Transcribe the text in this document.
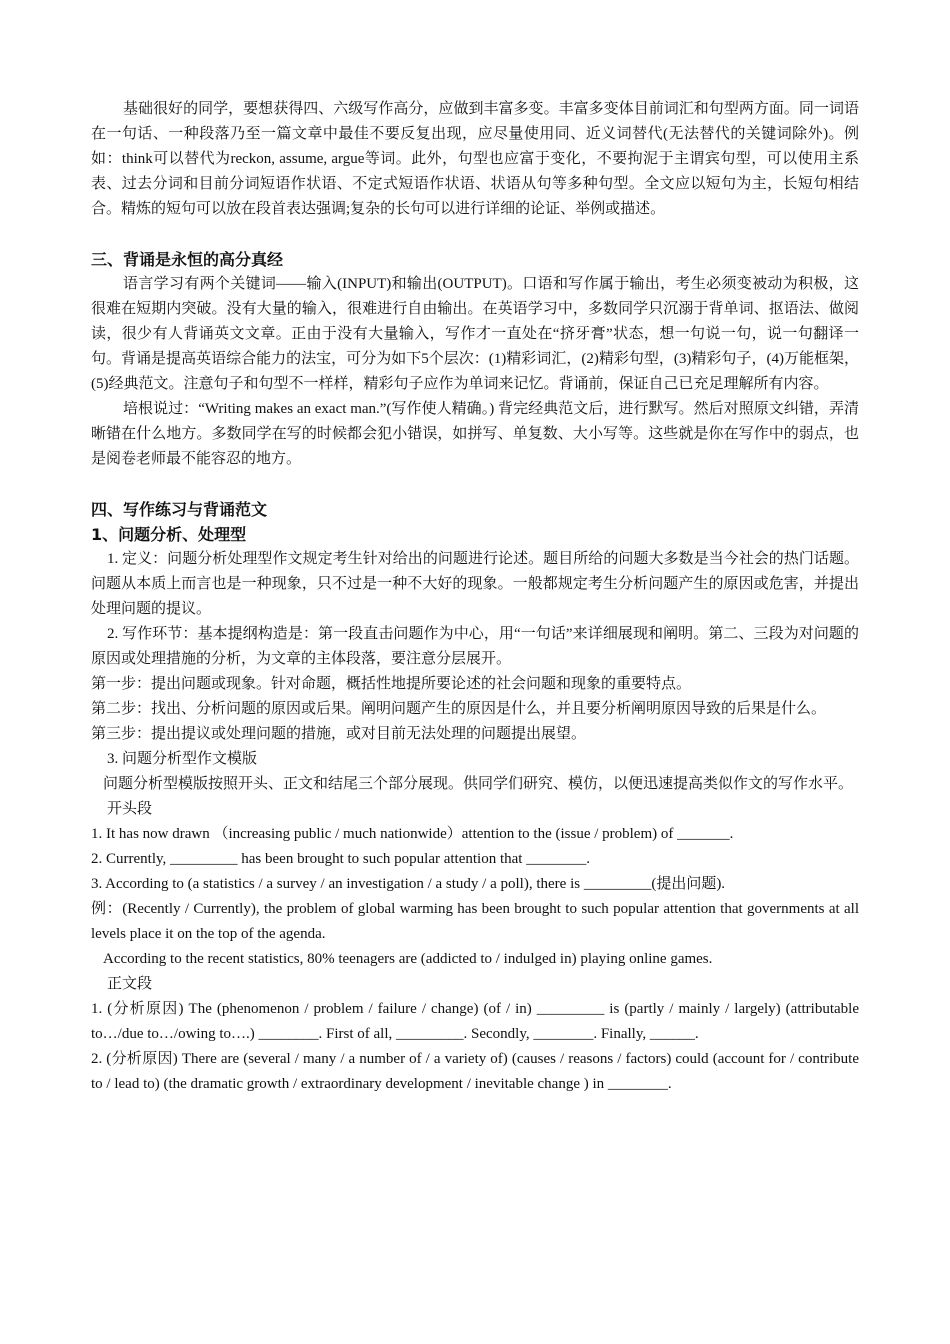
基础很好的同学，要想获得四、六级写作高分，应做到丰富多变。丰富多变体目前词汇和句型两方面。同一词语在一句话、一种段落乃至一篇文章中最佳不要反复出现，应尽量使用同、近义词替代(无法替代的关键词除外)。例如：think可以替代为reckon, assume, argue等词。此外，句型也应富于变化，不要拘泥于主谓宾句型，可以使用主系表、过去分词和目前分词短语作状语、不定式短语作状语、状语从句等多种句型。全文应以短句为主，长短句相结合。精炼的短句可以放在段首表达强调;复杂的长句可以进行详细的论证、举例或描述。

三、背诵是永恒的高分真经

语言学习有两个关键词——输入(INPUT)和输出(OUTPUT)。口语和写作属于输出，考生必须变被动为积极，这很难在短期内突破。没有大量的输入，很难进行自由输出。在英语学习中，多数同学只沉溺于背单词、抠语法、做阅读，很少有人背诵英文文章。正由于没有大量输入，写作才一直处在“挤牙膏”状态，想一句说一句，说一句翻译一句。背诵是提高英语综合能力的法宝，可分为如下5个层次：(1)精彩词汇，(2)精彩句型，(3)精彩句子，(4)万能框架，(5)经典范文。注意句子和句型不一样样，精彩句子应作为单词来记忆。背诵前，保证自己已充足理解所有内容。

培根说过：“Writing makes an exact man.”(写作使人精确。) 背完经典范文后，进行默写。然后对照原文纠错，弄清晰错在什么地方。多数同学在写的时候都会犯小错误，如拼写、单复数、大小写等。这些就是你在写作中的弱点，也是阅卷老师最不能容忍的地方。

四、写作练习与背诵范文
1、问题分析、处理型

1. 定义：问题分析处理型作文规定考生针对给出的问题进行论述。题目所给的问题大多数是当今社会的热门话题。问题从本质上而言也是一种现象，只不过是一种不大好的现象。一般都规定考生分析问题产生的原因或危害，并提出处理问题的提议。

2. 写作环节：基本提纲构造是：第一段直击问题作为中心，用“一句话”来详细展现和阐明。第二、三段为对问题的原因或处理措施的分析，为文章的主体段落，要注意分层展开。

第一步：提出问题或现象。针对命题，概括性地提所要论述的社会问题和现象的重要特点。

第二步：找出、分析问题的原因或后果。阐明问题产生的原因是什么，并且要分析阐明原因导致的后果是什么。

第三步：提出提议或处理问题的措施，或对目前无法处理的问题提出展望。

3. 问题分析型作文模版

问题分析型模版按照开头、正文和结尾三个部分展现。供同学们研究、模仿，以便迅速提高类似作文的写作水平。

开头段

1. It has now drawn （increasing public / much nationwide）attention to the (issue / problem) of _______.

2. Currently, _________ has been brought to such popular attention that ________.

3. According to (a statistics / a survey / an investigation / a study / a poll), there is _________(提出问题).

例：(Recently / Currently), the problem of global warming has been brought to such popular attention that governments at all levels place it on the top of the agenda.

According to the recent statistics, 80% teenagers are (addicted to / indulged in) playing online games.

正文段

1. (分析原因) The (phenomenon / problem / failure / change) (of / in) _________ is (partly / mainly / largely) (attributable to…/due to…/owing to….) ________. First of all, _________. Secondly, ________. Finally, ______.

2. (分析原因) There are (several / many / a number of / a variety of) (causes / reasons / factors) could (account for / contribute to / lead to) (the dramatic growth / extraordinary development / inevitable change ) in ________.
